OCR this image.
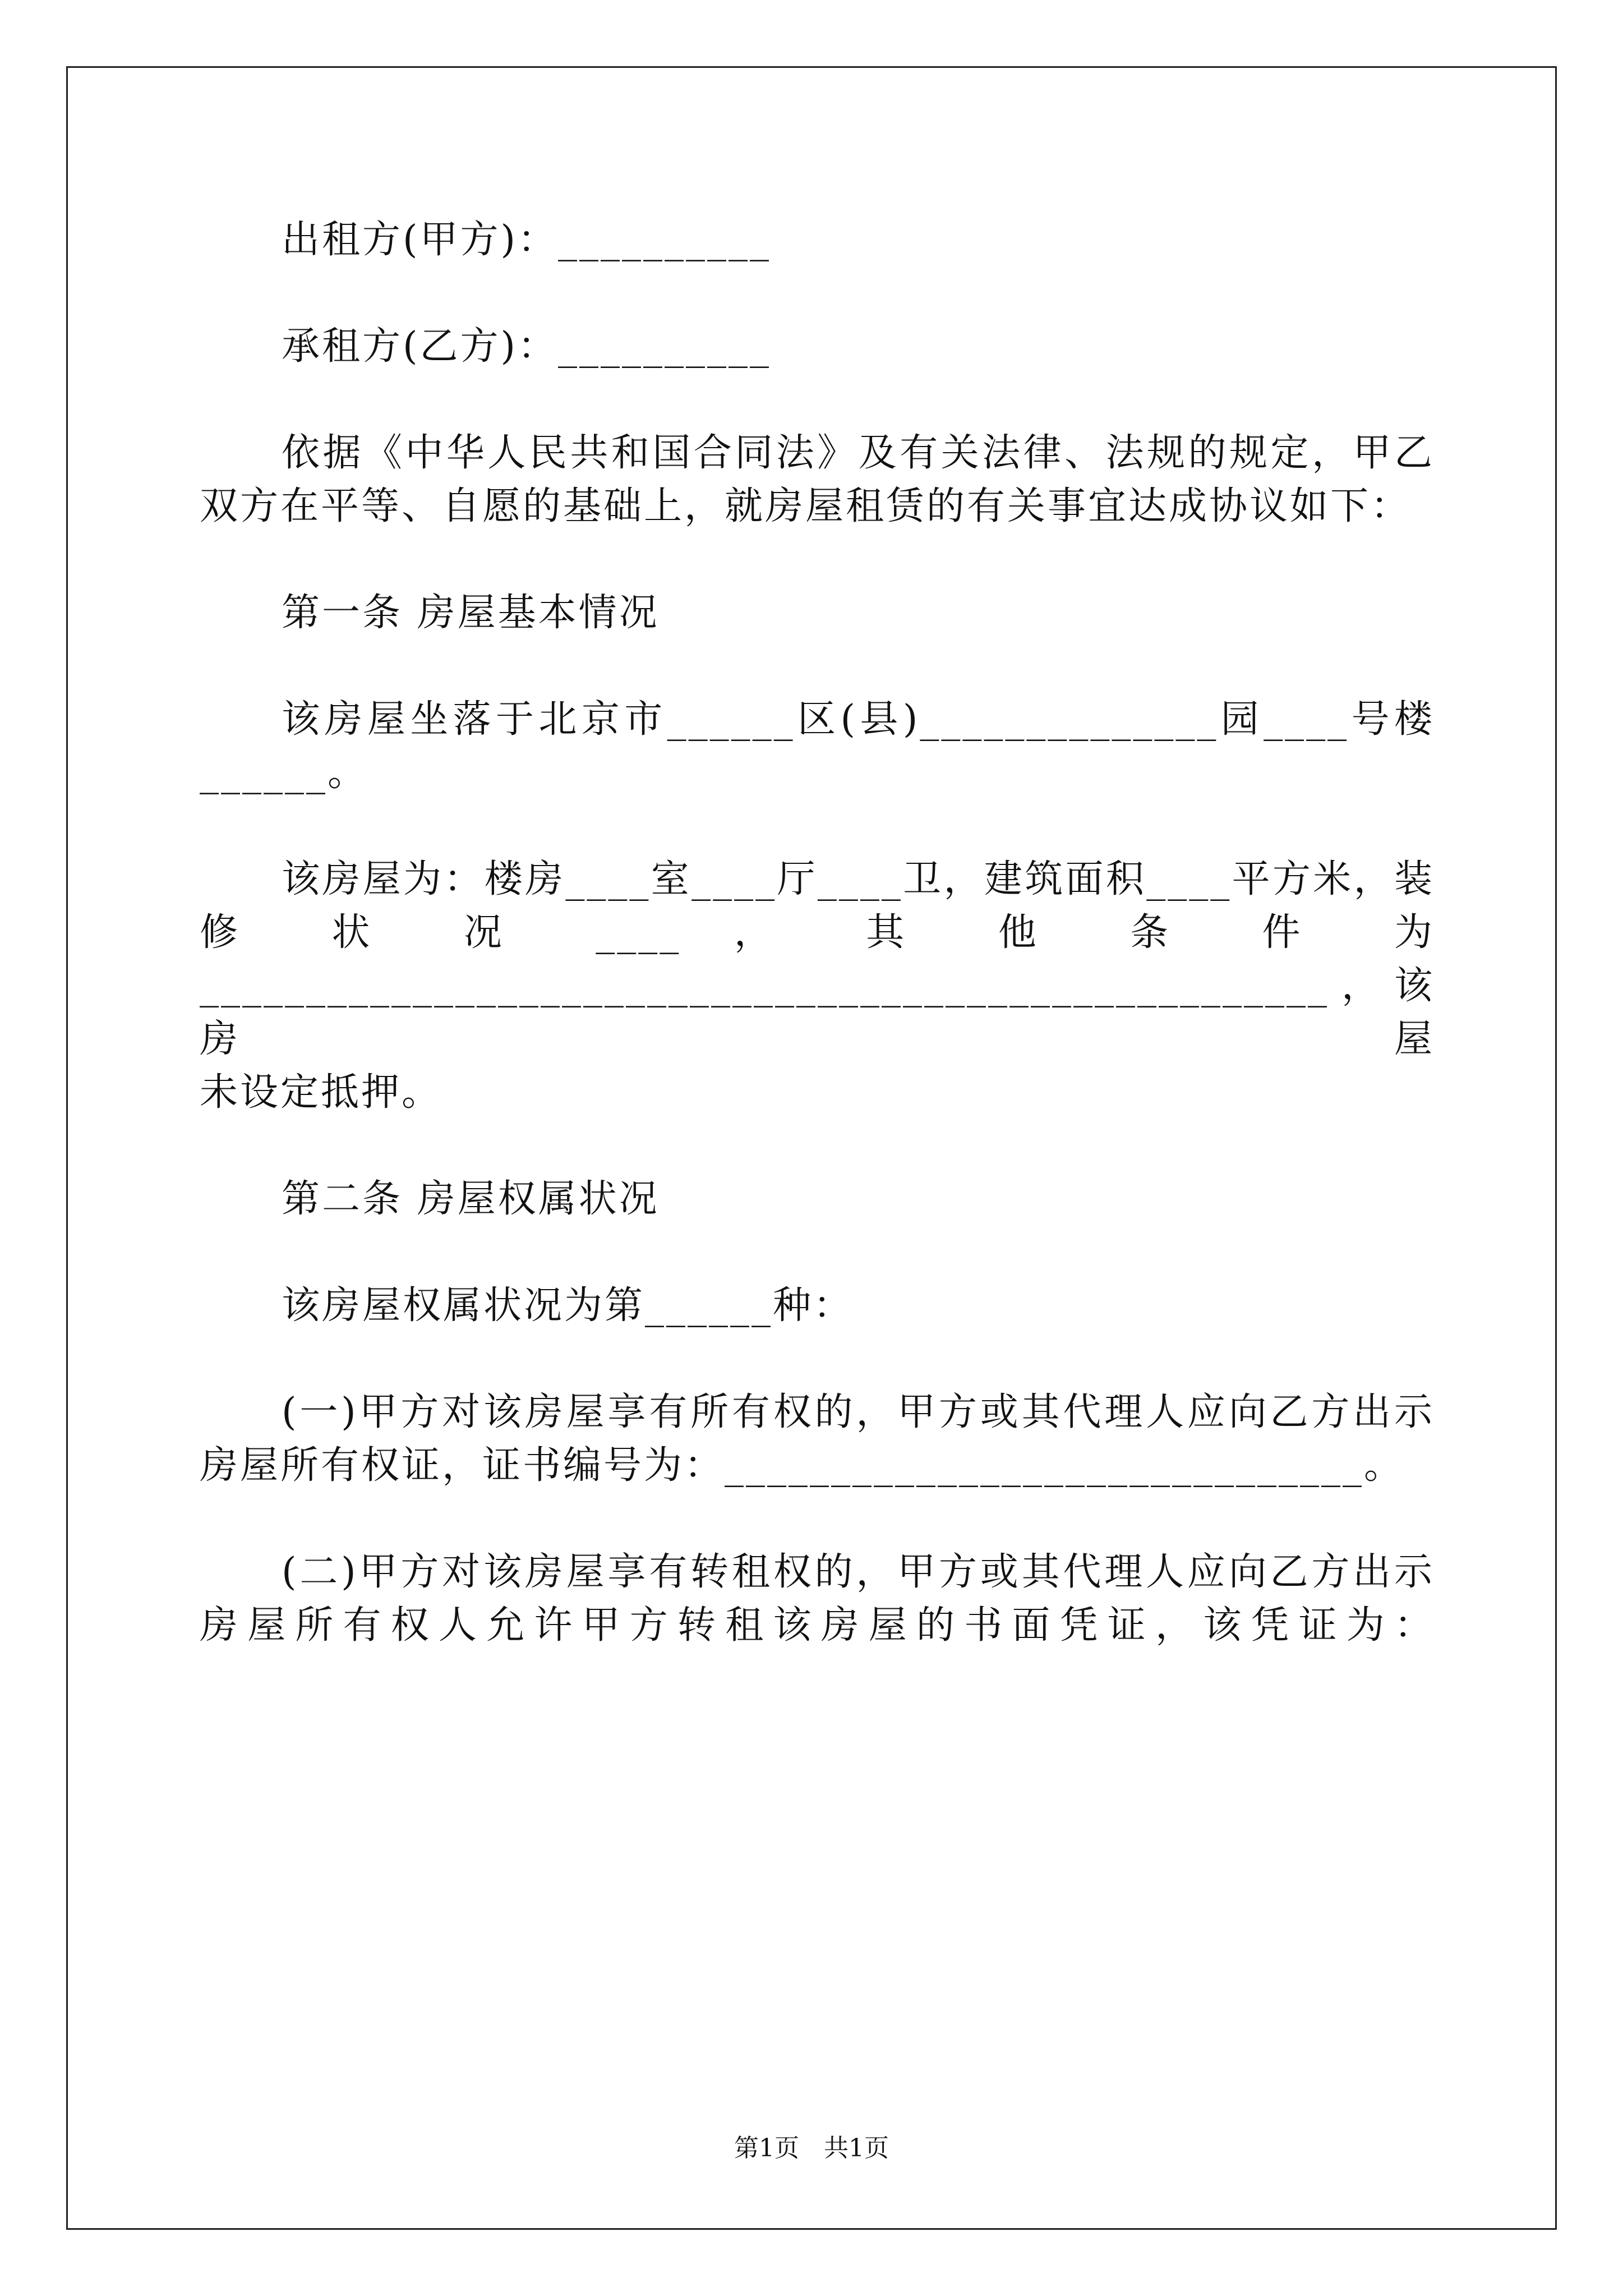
出租方(甲方)：__________

承租方(乙方)：__________

依据《中华人民共和国合同法》及有关法律、法规的规定，甲乙

双方在平等、自愿的基础上，就房屋租赁的有关事宜达成协议如下：

第一条 房屋基本情况

该房屋坐落于北京市______区(县)______________园____号楼

______。

该房屋为：楼房____室____厅____卫，建筑面积____平方米，装

修 状 况 ____ ， 其 他 条 件 为

_____________________________________________________，该房屋

未设定抵押。

第二条 房屋权属状况

该房屋权属状况为第______种：

(一)甲方对该房屋享有所有权的，甲方或其代理人应向乙方出示

房屋所有权证，证书编号为：______________________________。

(二)甲方对该房屋享有转租权的，甲方或其代理人应向乙方出示

房屋所有权人允许甲方转租该房屋的书面凭证，该凭证为：

第1页　共1页
